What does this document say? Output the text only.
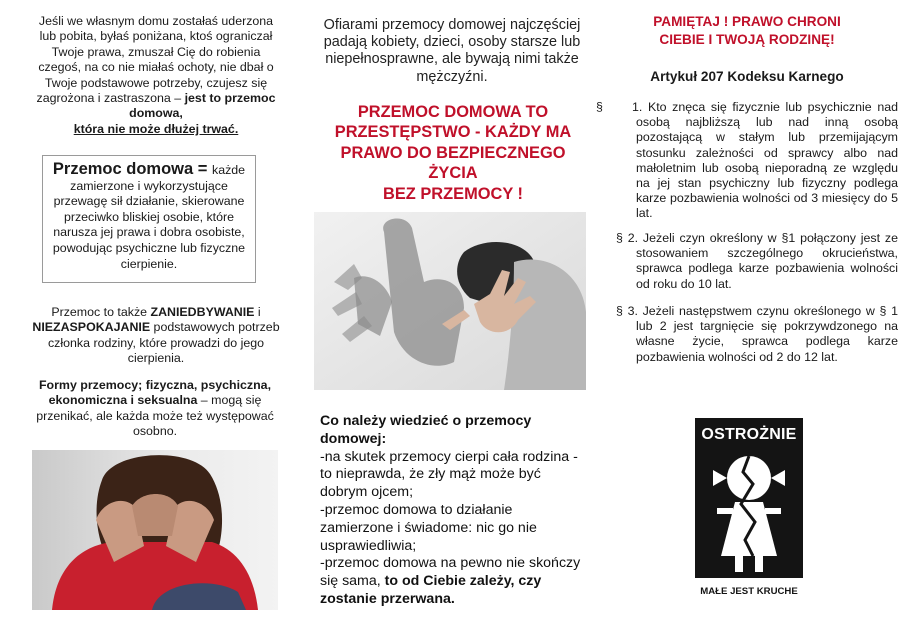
Jeśli we własnym domu zostałaś uderzona
lub pobita, byłaś poniżana, ktoś ograniczał
Twoje prawa, zmuszał Cię do robienia
czegoś, na co nie miałaś ochoty, nie dbał o
Twoje podstawowe potrzeby, czujesz się
zagrożona i zastraszona – jest to przemoc
domowa,
która nie może dłużej trwać.
Przemoc domowa = każde zamierzone i wykorzystujące przewagę sił działanie, skierowane przeciwko bliskiej osobie, które narusza jej prawa i dobra osobiste, powodując psychiczne lub fizyczne cierpienie.
Przemoc to także ZANIEDBYWANIE i NIEZASPOKAJANIE podstawowych potrzeb członka rodziny, które prowadzi do jego cierpienia.
Formy przemocy; fizyczna, psychiczna, ekonomiczna i seksualna – mogą się przenikać, ale każda może też występować osobno.
Ofiarami przemocy domowej najczęściej padają kobiety, dzieci, osoby starsze lub niepełnosprawne, ale bywają nimi także mężczyźni.
PRZEMOC DOMOWA TO
PRZESTĘPSTWO - KAŻDY MA
PRAWO DO BEZPIECZNEGO
ŻYCIA
BEZ PRZEMOCY !
Co należy wiedzieć o przemocy domowej:
-na skutek przemocy cierpi cała rodzina -to nieprawda, że zły mąż może być dobrym ojcem;
-przemoc domowa to działanie zamierzone i świadome: nic go nie usprawiedliwia;
-przemoc domowa na pewno nie skończy się sama, to od Ciebie zależy, czy zostanie przerwana.
PAMIĘTAJ ! PRAWO CHRONI
CIEBIE I TWOJĄ RODZINĘ!
Artykuł 207 Kodeksu Karnego
§ 1. Kto znęca się fizycznie lub psychicznie nad osobą najbliższą lub nad inną osobą pozostającą w stałym lub przemijającym stosunku zależności od sprawcy albo nad małoletnim lub osobą nieporadną ze względu na jej stan psychiczny lub fizyczny podlega karze pozbawienia wolności od 3 miesięcy do 5 lat.
§ 2. Jeżeli czyn określony w §1 połączony jest ze stosowaniem szczególnego okrucieństwa, sprawca podlega karze pozbawienia wolności od roku do 10 lat.
§ 3. Jeżeli następstwem czynu określonego w § 1 lub 2 jest targnięcie się pokrzywdzonego na własne życie, sprawca podlega karze pozbawienia wolności od 2 do 12 lat.
OSTROŻNIE
MAŁE JEST KRUCHE
